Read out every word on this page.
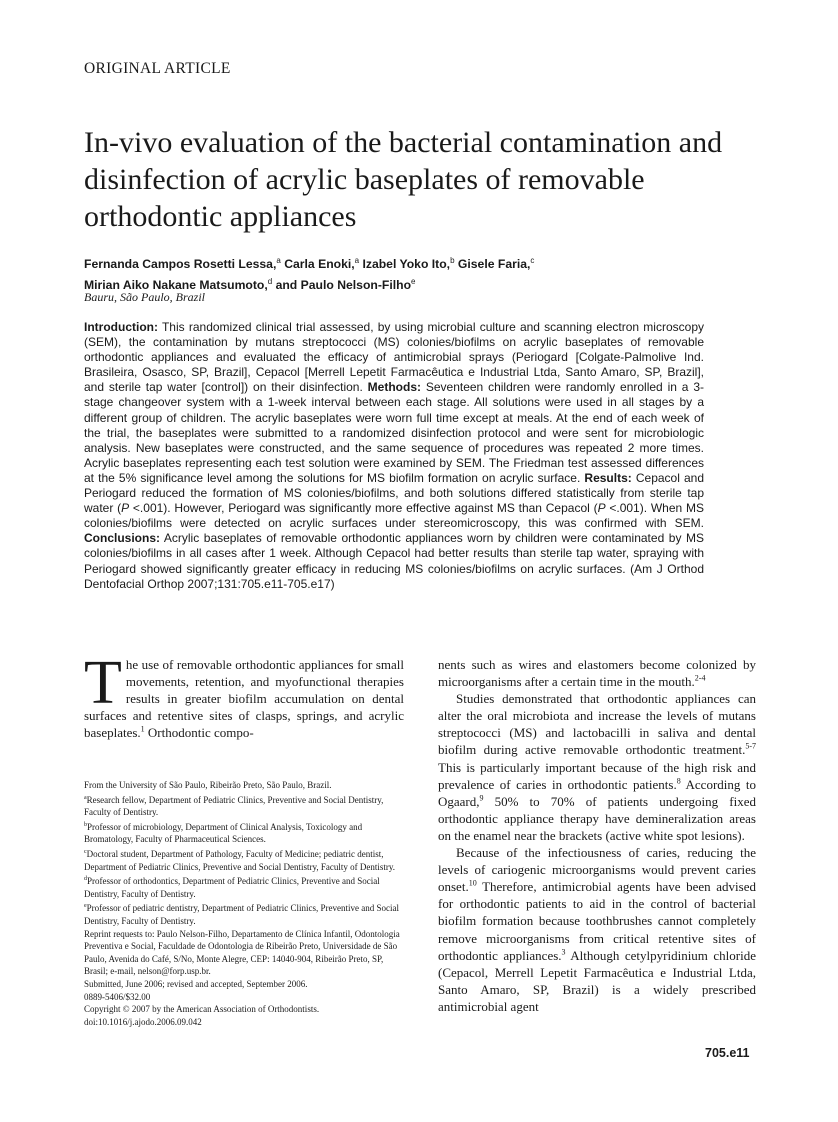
ORIGINAL ARTICLE
In-vivo evaluation of the bacterial contamination and disinfection of acrylic baseplates of removable orthodontic appliances
Fernanda Campos Rosetti Lessa,$^a$ Carla Enoki,$^a$ Izabel Yoko Ito,$^b$ Gisele Faria,$^c$
Mirian Aiko Nakane Matsumoto,$^d$ and Paulo Nelson-Filho$^e$
Bauru, São Paulo, Brazil

Introduction: This randomized clinical trial assessed, by using microbial culture and scanning electron microscopy (SEM), the contamination by mutans streptococci (MS) colonies/biofilms on acrylic baseplates of removable orthodontic appliances and evaluated the efficacy of antimicrobial sprays (Periogard [Colgate-Palmolive Ind. Brasileira, Osasco, SP, Brazil], Cepacol [Merrell Lepetit Farmacêutica e Industrial Ltda, Santo Amaro, SP, Brazil], and sterile tap water [control]) on their disinfection. Methods: Seventeen children were randomly enrolled in a 3-stage changeover system with a 1-week interval between each stage. All solutions were used in all stages by a different group of children. The acrylic baseplates were worn full time except at meals. At the end of each week of the trial, the baseplates were submitted to a randomized disinfection protocol and were sent for microbiologic analysis. New baseplates were constructed, and the same sequence of procedures was repeated 2 more times. Acrylic baseplates representing each test solution were examined by SEM. The Friedman test assessed differences at the 5% significance level among the solutions for MS biofilm formation on acrylic surface. Results: Cepacol and Periogard reduced the formation of MS colonies/biofilms, and both solutions differed statistically from sterile tap water (P <.001). However, Periogard was significantly more effective against MS than Cepacol (P <.001). When MS colonies/biofilms were detected on acrylic surfaces under stereomicroscopy, this was confirmed with SEM. Conclusions: Acrylic baseplates of removable orthodontic appliances worn by children were contaminated by MS colonies/biofilms in all cases after 1 week. Although Cepacol had better results than sterile tap water, spraying with Periogard showed significantly greater efficacy in reducing MS colonies/biofilms on acrylic surfaces. (Am J Orthod Dentofacial Orthop 2007;131:705.e11-705.e17)

The use of removable orthodontic appliances for small movements, retention, and myofunctional therapies results in greater biofilm accumulation on dental surfaces and retentive sites of clasps, springs, and acrylic baseplates.$^1$ Orthodontic compo-

nents such as wires and elastomers become colonized by microorganisms after a certain time in the mouth.$^{2-4}$

Studies demonstrated that orthodontic appliances can alter the oral microbiota and increase the levels of mutans streptococci (MS) and lactobacilli in saliva and dental biofilm during active removable orthodontic treatment.$^{5-7}$ This is particularly important because of the high risk and prevalence of caries in orthodontic patients.$^8$ According to Ogaard,$^9$ 50% to 70% of patients undergoing fixed orthodontic appliance therapy have demineralization areas on the enamel near the brackets (active white spot lesions).

Because of the infectiousness of caries, reducing the levels of cariogenic microorganisms would prevent caries onset.$^{10}$ Therefore, antimicrobial agents have been advised for orthodontic patients to aid in the control of bacterial biofilm formation because toothbrushes cannot completely remove microorganisms from critical retentive sites of orthodontic appliances.$^3$ Although cetylpyridinium chloride (Cepacol, Merrell Lepetit Farmacêutica e Industrial Ltda, Santo Amaro, SP, Brazil) is a widely prescribed antimicrobial agent

From the University of São Paulo, Ribeirão Preto, São Paulo, Brazil.
$^a$Research fellow, Department of Pediatric Clinics, Preventive and Social Dentistry, Faculty of Dentistry.
$^b$Professor of microbiology, Department of Clinical Analysis, Toxicology and Bromatology, Faculty of Pharmaceutical Sciences.
$^c$Doctoral student, Department of Pathology, Faculty of Medicine; pediatric dentist, Department of Pediatric Clinics, Preventive and Social Dentistry, Faculty of Dentistry.
$^d$Professor of orthodontics, Department of Pediatric Clinics, Preventive and Social Dentistry, Faculty of Dentistry.
$^e$Professor of pediatric dentistry, Department of Pediatric Clinics, Preventive and Social Dentistry, Faculty of Dentistry.
Reprint requests to: Paulo Nelson-Filho, Departamento de Clínica Infantil, Odontologia Preventiva e Social, Faculdade de Odontologia de Ribeirão Preto, Universidade de São Paulo, Avenida do Café, S/No, Monte Alegre, CEP: 14040-904, Ribeirão Preto, SP, Brasil; e-mail, nelson@forp.usp.br.
Submitted, June 2006; revised and accepted, September 2006.
0889-5406/$32.00
Copyright © 2007 by the American Association of Orthodontists.
doi:10.1016/j.ajodo.2006.09.042
705.e11
